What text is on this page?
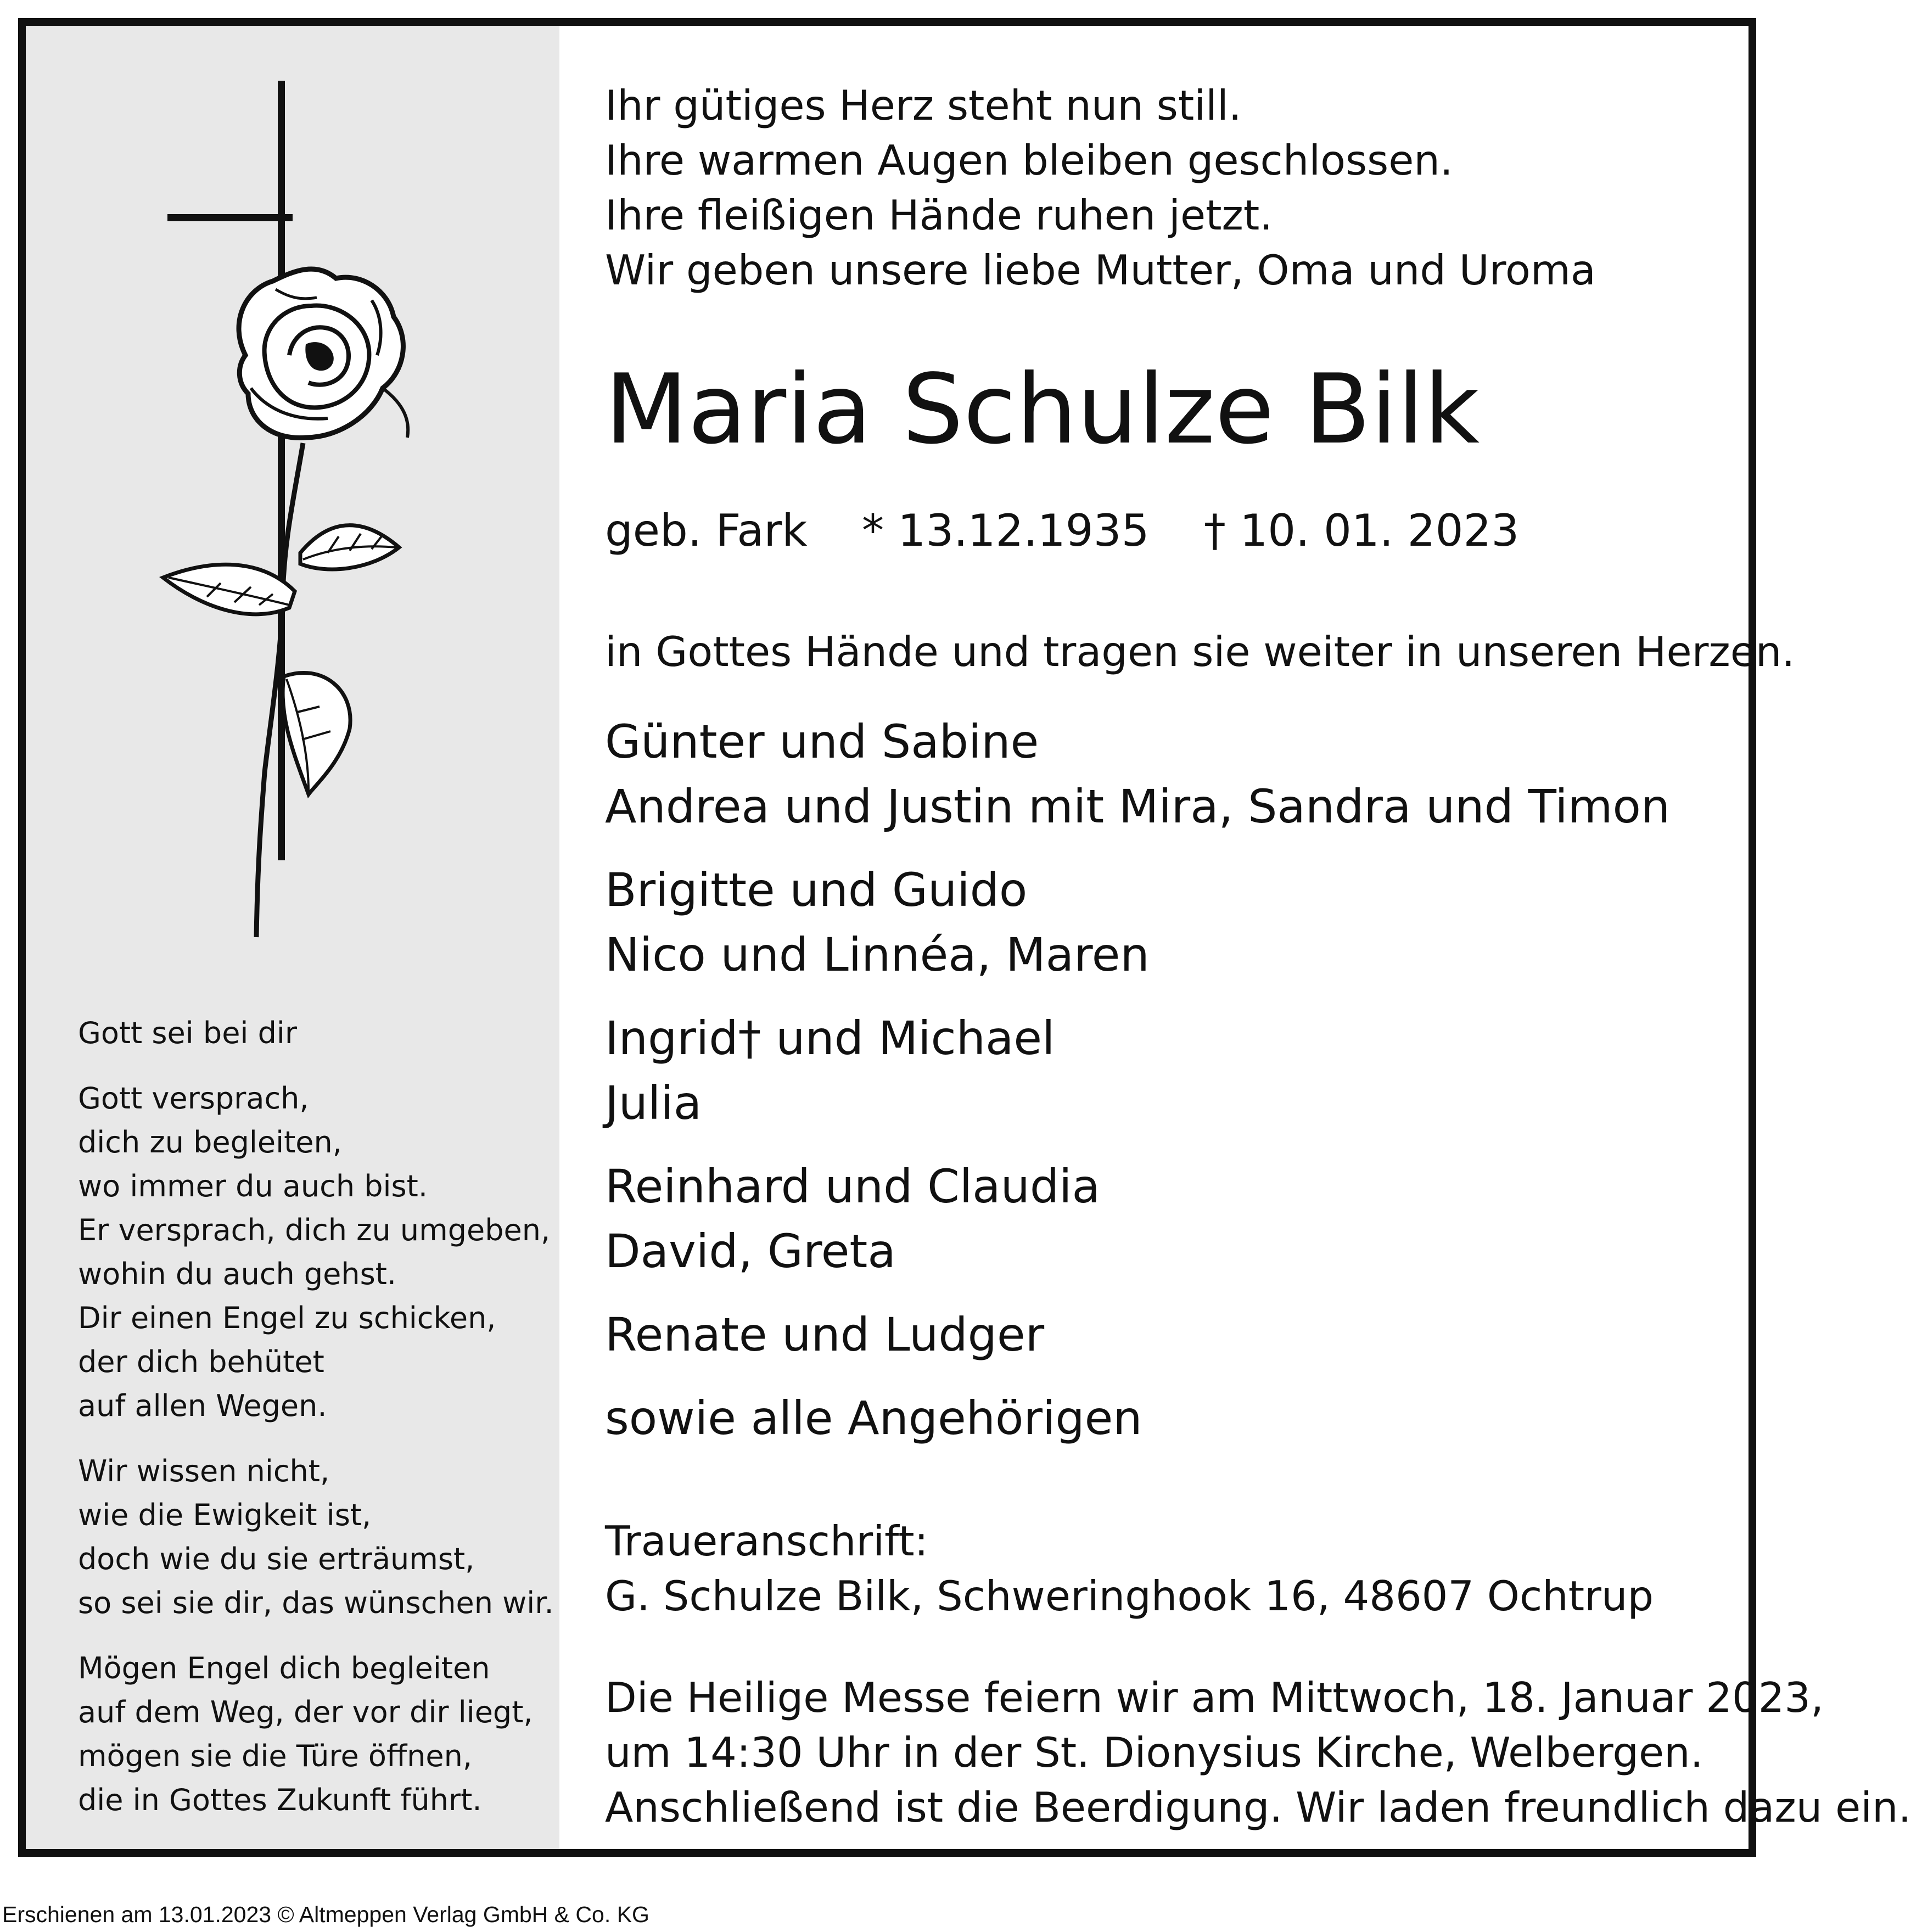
Gott sei bei dir
Gott versprach,
dich zu begleiten,
wo immer du auch bist.
Er versprach, dich zu umgeben,
wohin du auch gehst.
Dir einen Engel zu schicken,
der dich behütet
auf allen Wegen.
Wir wissen nicht,
wie die Ewigkeit ist,
doch wie du sie erträumst,
so sei sie dir, das wünschen wir.
Mögen Engel dich begleiten
auf dem Weg, der vor dir liegt,
mögen sie die Türe öffnen,
die in Gottes Zukunft führt.
Ihr gütiges Herz steht nun still.
Ihre warmen Augen bleiben geschlossen.
Ihre fleißigen Hände ruhen jetzt.
Wir geben unsere liebe Mutter, Oma und Uroma
Maria Schulze Bilk
geb. Fark * 13.12.1935 † 10. 01. 2023
in Gottes Hände und tragen sie weiter in unseren Herzen.
Günter und Sabine
Andrea und Justin mit Mira, Sandra und Timon
Brigitte und Guido
Nico und Linnéa, Maren
Ingrid† und Michael
Julia
Reinhard und Claudia
David, Greta
Renate und Ludger
sowie alle Angehörigen
Traueranschrift:
G. Schulze Bilk, Schweringhook 16, 48607 Ochtrup
Die Heilige Messe feiern wir am Mittwoch, 18. Januar 2023,
um 14:30 Uhr in der St. Dionysius Kirche, Welbergen.
Anschließend ist die Beerdigung. Wir laden freundlich dazu ein.
Erschienen am 13.01.2023 © Altmeppen Verlag GmbH & Co. KG
